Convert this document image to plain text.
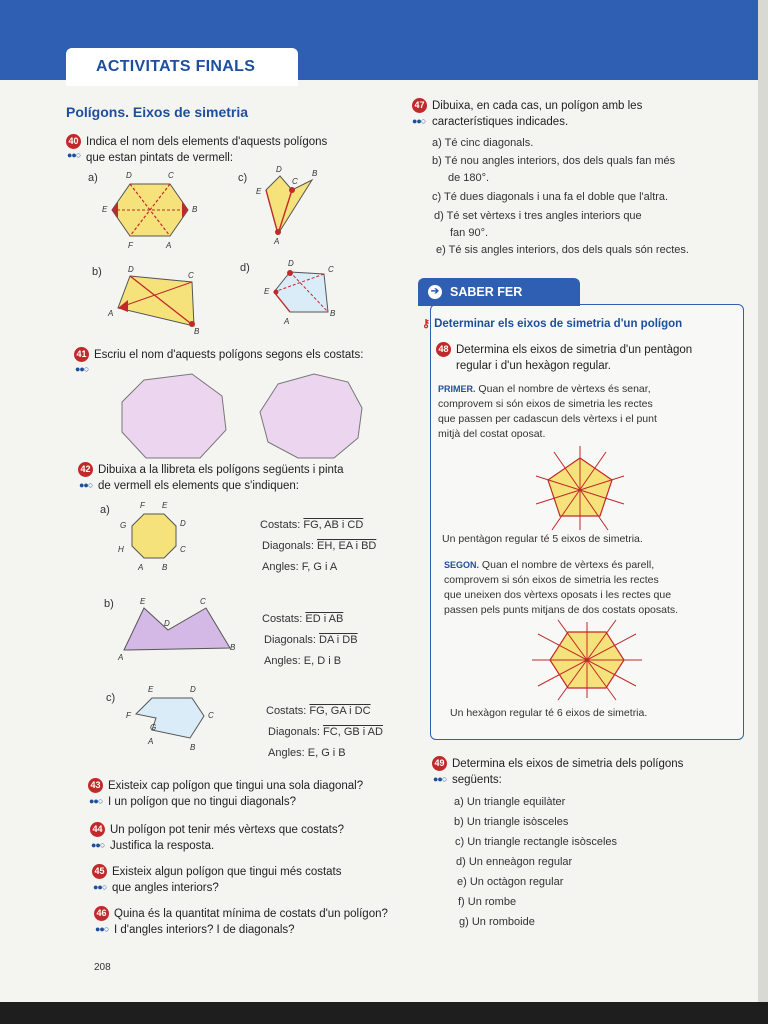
ACTIVITATS FINALS
Polígons. Eixos de simetria
40 Indica el nom dels elements d'aquests polígons
que estan pintats de vermell:
●●○
a)	D	C
E	B
F	A
c)
D
C
B
E
A
b)	D
C
A
B
d)	D
C
E
A
B
41 Escriu el nom d'aquests polígons segons els costats:
●●○
42 Dibuixa a la llibreta els polígons següents i pinta
de vermell els elements que s'indiquen:
●●○
a)	F E
G	D
H	C
A B
Costats: FG, AB i CD
Diagonals: EH, EA i BD
Angles: F, G i A
b)	E	C
D
A
B
Costats: ED i AB
Diagonals: DA i DB
Angles: E, D i B
c)
E	D
F	C
G
A
B
Costats: FG, GA i DC
Diagonals: FC, GB i AD
Angles: E, G i B
43 Existeix cap polígon que tingui una sola diagonal?
I un polígon que no tingui diagonals?
●●○
44 Un polígon pot tenir més vèrtexs que costats?
Justifica la resposta.
●●○
45 Existeix algun polígon que tingui més costats
que angles interiors?
●●○
46 Quina és la quantitat mínima de costats d'un polígon?
I d'angles interiors? I de diagonals?
●●○
208
47 Dibuixa, en cada cas, un polígon amb les
característiques indicades.
●●○
a) Té cinc diagonals.
b) Té nou angles interiors, dos dels quals fan més
de 180°.
c) Té dues diagonals i una fa el doble que l'altra.
d) Té set vèrtexs i tres angles interiors que
fan 90°.
e) Té sis angles interiors, dos dels quals són rectes.
➔ SABER FER
⚷ Determinar els eixos de simetria d'un polígon
48 Determina els eixos de simetria d'un pentàgon
regular i d'un hexàgon regular.
PRIMER. Quan el nombre de vèrtexs és senar,
comprovem si són eixos de simetria les rectes
que passen per cadascun dels vèrtexs i el punt
mitjà del costat oposat.
Un pentàgon regular té 5 eixos de simetria.
SEGON. Quan el nombre de vèrtexs és parell,
comprovem si són eixos de simetria les rectes
que uneixen dos vèrtexs oposats i les rectes que
passen pels punts mitjans de dos costats oposats.
Un hexàgon regular té 6 eixos de simetria.
49 Determina els eixos de simetria dels polígons
següents:
●●○
a) Un triangle equilàter
b) Un triangle isòsceles
c) Un triangle rectangle isòsceles
d) Un enneàgon regular
e) Un octàgon regular
f) Un rombe
g) Un romboide
